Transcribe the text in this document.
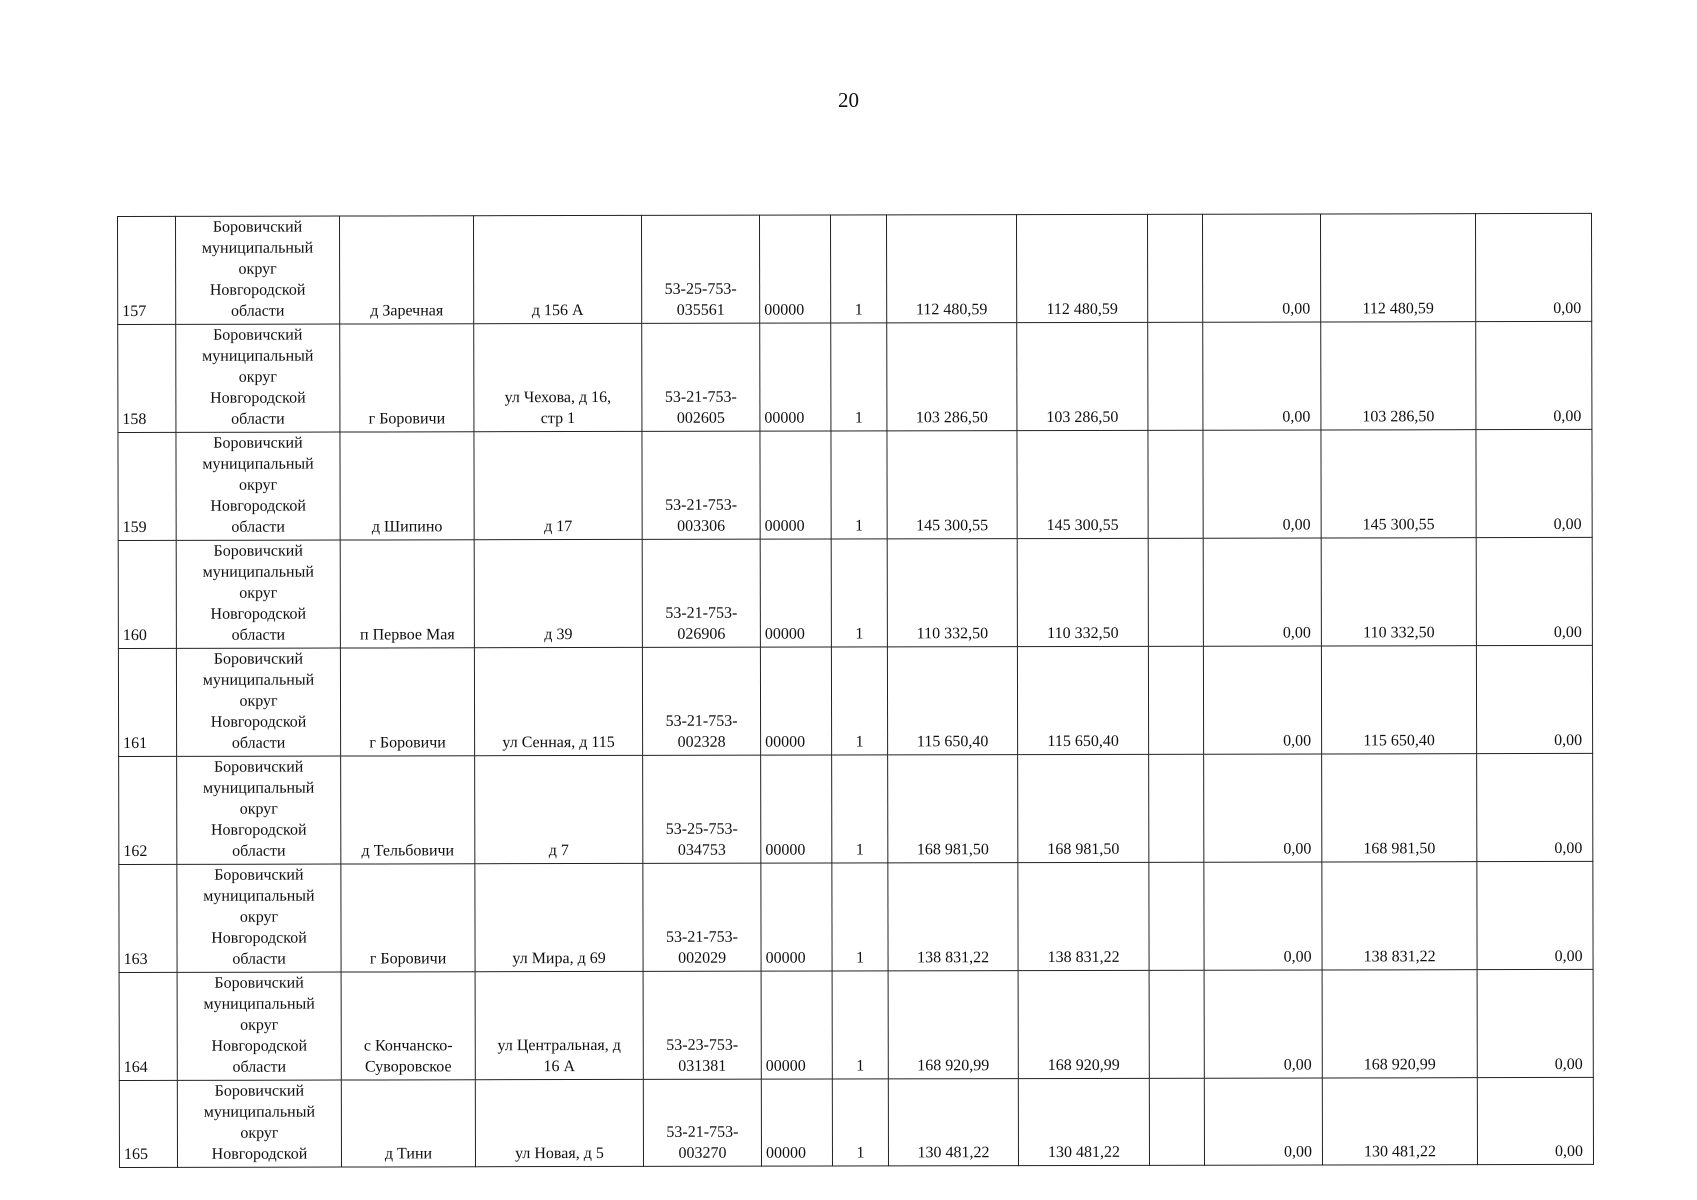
20
157	Боровичский
муниципальный
округ
Новгородской
области	д Заречная	д 156 А	53-25-753-
035561	00000	1	112 480,59	112 480,59		0,00	112 480,59	0,00
158	Боровичский
муниципальный
округ
Новгородской
области	г Боровичи	ул Чехова, д 16,
стр 1	53-21-753-
002605	00000	1	103 286,50	103 286,50		0,00	103 286,50	0,00
159	Боровичский
муниципальный
округ
Новгородской
области	д Шипино	д 17	53-21-753-
003306	00000	1	145 300,55	145 300,55		0,00	145 300,55	0,00
160	Боровичский
муниципальный
округ
Новгородской
области	п Первое Мая	д 39	53-21-753-
026906	00000	1	110 332,50	110 332,50		0,00	110 332,50	0,00
161	Боровичский
муниципальный
округ
Новгородской
области	г Боровичи	ул Сенная, д 115	53-21-753-
002328	00000	1	115 650,40	115 650,40		0,00	115 650,40	0,00
162	Боровичский
муниципальный
округ
Новгородской
области	д Тельбовичи	д 7	53-25-753-
034753	00000	1	168 981,50	168 981,50		0,00	168 981,50	0,00
163	Боровичский
муниципальный
округ
Новгородской
области	г Боровичи	ул Мира, д 69	53-21-753-
002029	00000	1	138 831,22	138 831,22		0,00	138 831,22	0,00
164	Боровичский
муниципальный
округ
Новгородской
области	с Кончанско-
Суворовское	ул Центральная, д
16 А	53-23-753-
031381	00000	1	168 920,99	168 920,99		0,00	168 920,99	0,00
165	Боровичский
муниципальный
округ
Новгородской	д Тини	ул Новая, д 5	53-21-753-
003270	00000	1	130 481,22	130 481,22		0,00	130 481,22	0,00
